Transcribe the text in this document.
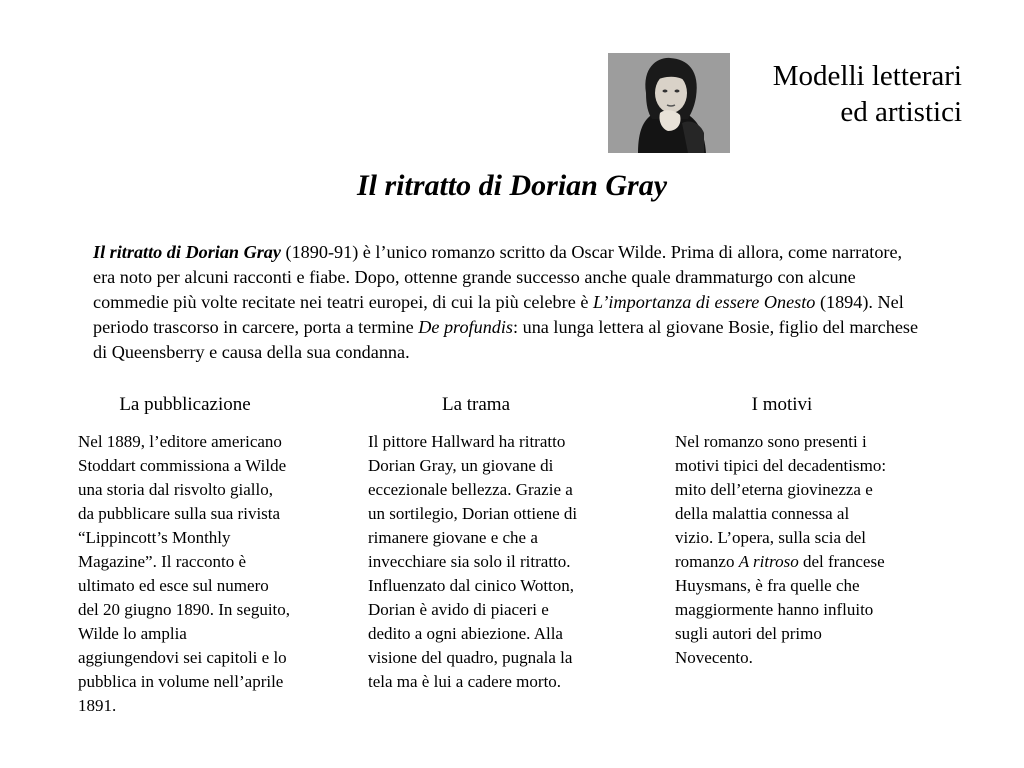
Modelli letterari
ed artistici
Il ritratto di Dorian Gray
Il ritratto di Dorian Gray (1890-91) è l’unico romanzo scritto da Oscar Wilde. Prima di allora, come narratore, era noto per alcuni racconti e fiabe. Dopo, ottenne grande successo anche quale drammaturgo con alcune commedie più volte recitate nei teatri europei, di cui la più celebre è L’importanza di essere Onesto (1894). Nel periodo trascorso in carcere, porta a termine De profundis: una lunga lettera al giovane Bosie, figlio del marchese di Queensberry e causa della sua condanna.
La pubblicazione	La trama	I motivi
Nel 1889, l’editore americano Stoddart commissiona a Wilde una storia dal risvolto giallo, da pubblicare sulla sua rivista “Lippincott’s Monthly Magazine”. Il racconto è ultimato ed esce sul numero del 20 giugno 1890. In seguito, Wilde lo amplia aggiungendovi sei capitoli e lo pubblica in volume nell’aprile 1891.
Il pittore Hallward ha ritratto Dorian Gray, un giovane di eccezionale bellezza. Grazie a un sortilegio, Dorian ottiene di rimanere giovane e che a invecchiare sia solo il ritratto. Influenzato dal cinico Wotton, Dorian è avido di piaceri e dedito a ogni abiezione. Alla visione del quadro, pugnala la tela ma è lui a cadere morto.
Nel romanzo sono presenti i motivi tipici del decadentismo: mito dell’eterna giovinezza e della malattia connessa al vizio. L’opera, sulla scia del romanzo A ritroso del francese Huysmans, è fra quelle che maggiormente hanno influito sugli autori del primo Novecento.
